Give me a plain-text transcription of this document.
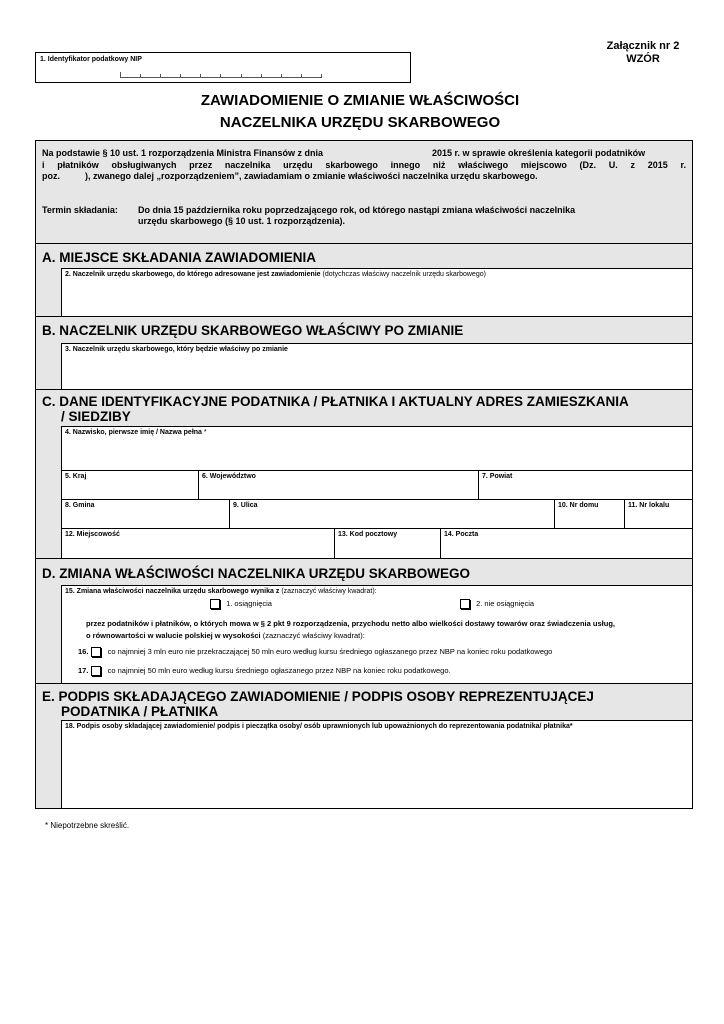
1. Identyfikator podatkowy NIP
Załącznik nr 2
WZÓR
ZAWIADOMIENIE O ZMIANIE WŁAŚCIWOŚCI
NACZELNIKA URZĘDU SKARBOWEGO
Na podstawie § 10 ust. 1 rozporządzenia Ministra Finansów z dnia	2015 r. w sprawie określenia kategorii podatników
i płatników obsługiwanych przez naczelnika urzędu skarbowego innego niż właściwego miejscowo (Dz. U. z 2015 r.
poz.	), zwanego dalej „rozporządzeniem”, zawiadamiam o zmianie właściwości naczelnika urzędu skarbowego.
Termin składania: Do dnia 15 października roku poprzedzającego rok, od którego nastąpi zmiana właściwości naczelnika
urzędu skarbowego (§ 10 ust. 1 rozporządzenia).
A. MIEJSCE SKŁADANIA ZAWIADOMIENIA
2. Naczelnik urzędu skarbowego, do którego adresowane jest zawiadomienie (dotychczas właściwy naczelnik urzędu skarbowego)
B. NACZELNIK URZĘDU SKARBOWEGO WŁAŚCIWY PO ZMIANIE
3. Naczelnik urzędu skarbowego, który będzie właściwy po zmianie
C. DANE IDENTYFIKACYJNE PODATNIKA / PŁATNIKA I AKTUALNY ADRES ZAMIESZKANIA
/ SIEDZIBY
4. Nazwisko, pierwsze imię / Nazwa pełna *
5. Kraj	6. Województwo	7. Powiat
8. Gmina	9. Ulica	10. Nr domu	11. Nr lokalu
12. Miejscowość	13. Kod pocztowy	14. Poczta
D. ZMIANA WŁAŚCIWOŚCI NACZELNIKA URZĘDU SKARBOWEGO
15. Zmiana właściwości naczelnika urzędu skarbowego wynika z (zaznaczyć właściwy kwadrat):
1. osiągnięcia	2. nie osiągnięcia
przez podatników i płatników, o których mowa w § 2 pkt 9 rozporządzenia, przychodu netto albo wielkości dostawy towarów oraz świadczenia usług,
o równowartości w walucie polskiej w wysokości (zaznaczyć właściwy kwadrat):
16.	co najmniej 3 mln euro nie przekraczającej 50 mln euro według kursu średniego ogłaszanego przez NBP na koniec roku podatkowego
17.	co najmniej 50 mln euro według kursu średniego ogłaszanego przez NBP na koniec roku podatkowego.
E. PODPIS SKŁADAJĄCEGO ZAWIADOMIENIE / PODPIS OSOBY REPREZENTUJĄCEJ
PODATNIKA / PŁATNIKA
18. Podpis osoby składającej zawiadomienie/ podpis i pieczątka osoby/ osób uprawnionych lub upoważnionych do reprezentowania podatnika/ płatnika*
* Niepotrzebne skreślić.
